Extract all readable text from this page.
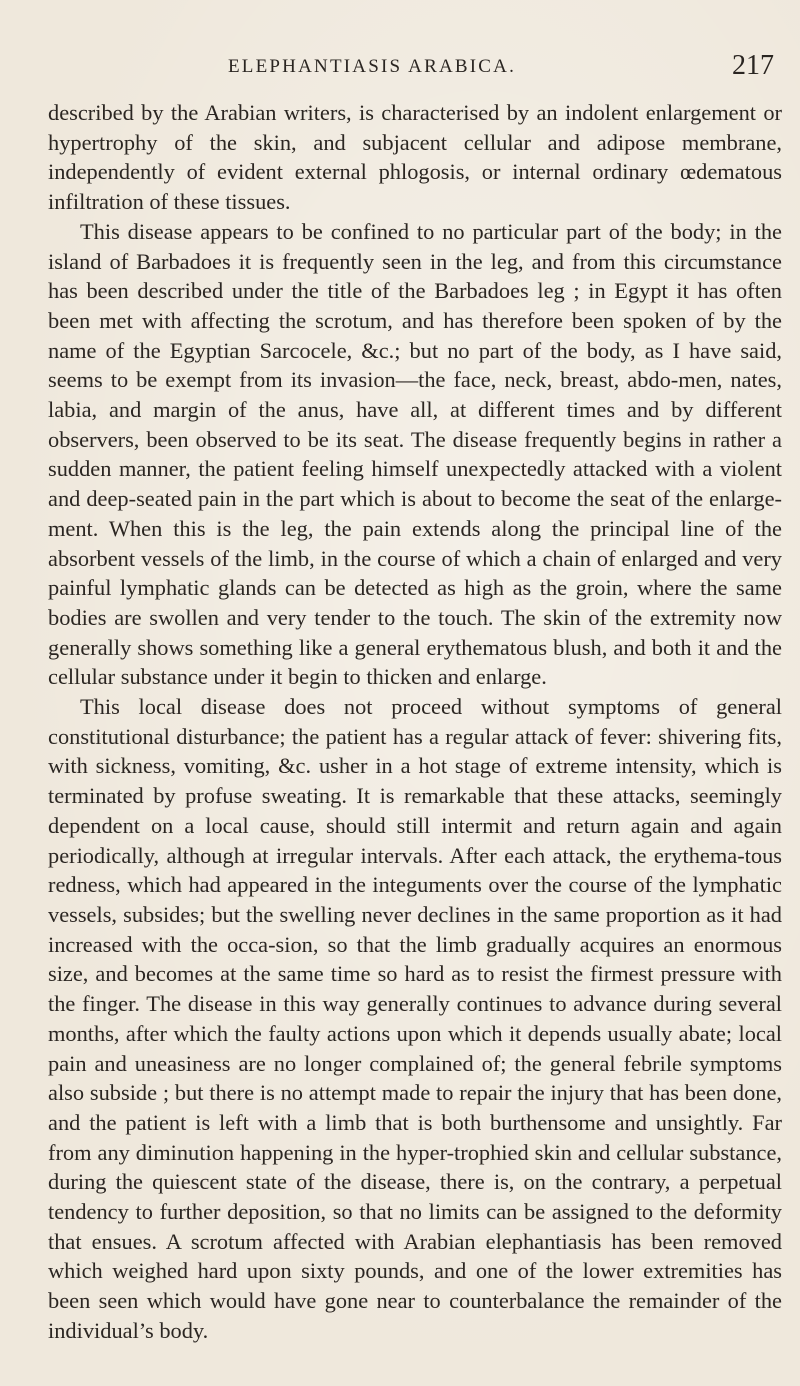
ELEPHANTIASIS ARABICA.	217

described by the Arabian writers, is characterised by an indolent enlargement or hypertrophy of the skin, and subjacent cellular and adipose membrane, independently of evident external phlogosis, or internal ordinary œdematous infiltration of these tissues.

This disease appears to be confined to no particular part of the body; in the island of Barbadoes it is frequently seen in the leg, and from this circumstance has been described under the title of the Barbadoes leg ; in Egypt it has often been met with affecting the scrotum, and has therefore been spoken of by the name of the Egyptian Sarcocele, &c.; but no part of the body, as I have said, seems to be exempt from its invasion—the face, neck, breast, abdo-men, nates, labia, and margin of the anus, have all, at different times and by different observers, been observed to be its seat. The disease frequently begins in rather a sudden manner, the patient feeling himself unexpectedly attacked with a violent and deep-seated pain in the part which is about to become the seat of the enlarge-ment. When this is the leg, the pain extends along the principal line of the absorbent vessels of the limb, in the course of which a chain of enlarged and very painful lymphatic glands can be detected as high as the groin, where the same bodies are swollen and very tender to the touch. The skin of the extremity now generally shows something like a general erythematous blush, and both it and the cellular substance under it begin to thicken and enlarge.

This local disease does not proceed without symptoms of general constitutional disturbance; the patient has a regular attack of fever: shivering fits, with sickness, vomiting, &c. usher in a hot stage of extreme intensity, which is terminated by profuse sweating. It is remarkable that these attacks, seemingly dependent on a local cause, should still intermit and return again and again periodically, although at irregular intervals. After each attack, the erythema-tous redness, which had appeared in the integuments over the course of the lymphatic vessels, subsides; but the swelling never declines in the same proportion as it had increased with the occa-sion, so that the limb gradually acquires an enormous size, and becomes at the same time so hard as to resist the firmest pressure with the finger. The disease in this way generally continues to advance during several months, after which the faulty actions upon which it depends usually abate; local pain and uneasiness are no longer complained of; the general febrile symptoms also subside ; but there is no attempt made to repair the injury that has been done, and the patient is left with a limb that is both burthensome and unsightly. Far from any diminution happening in the hyper-trophied skin and cellular substance, during the quiescent state of the disease, there is, on the contrary, a perpetual tendency to further deposition, so that no limits can be assigned to the deformity that ensues. A scrotum affected with Arabian elephantiasis has been removed which weighed hard upon sixty pounds, and one of the lower extremities has been seen which would have gone near to counterbalance the remainder of the individual’s body.
